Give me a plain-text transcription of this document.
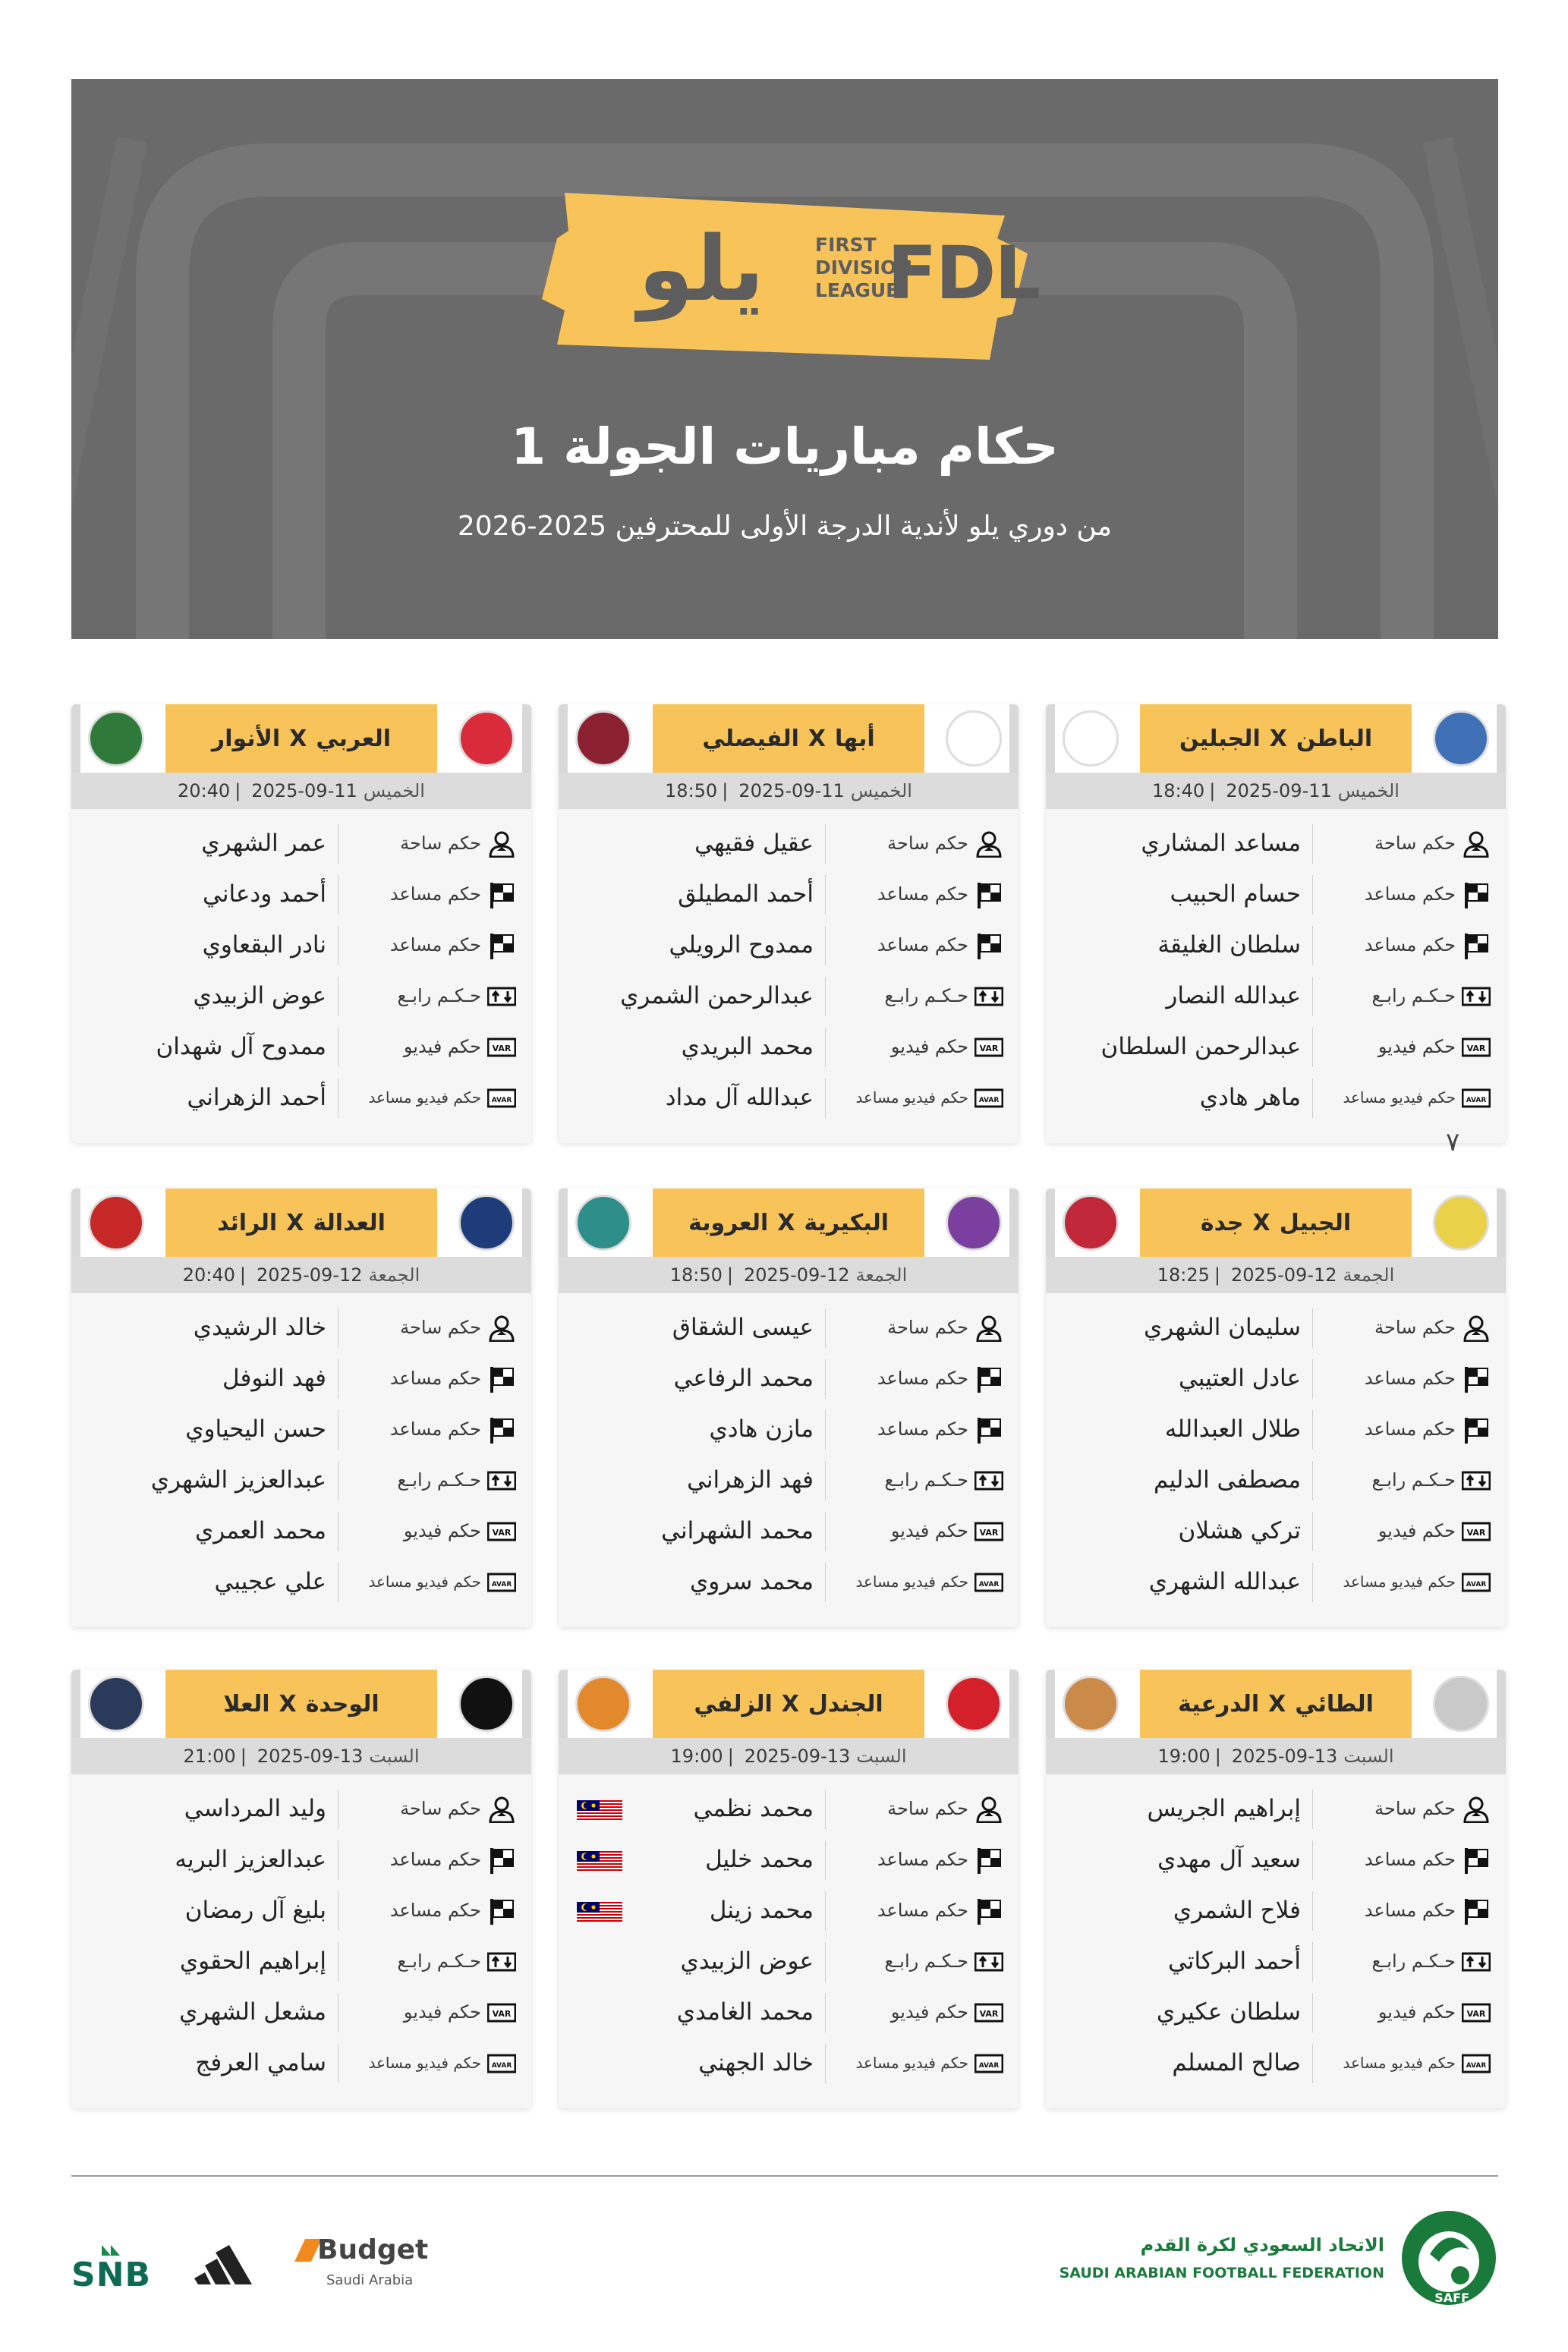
يلو	FIRST
DIVISION
LEAGUE
FDL
حكام مباريات الجولة 1
من دوري يلو لأندية الدرجة الأولى للمحترفين 2025-2026
الباطن
X
الجبلين
الخميس
2025-09-11
|
18:40
حكم ساحة
مساعد المشاري
حكم مساعد
حسام الحبيب
حكم مساعد
سلطان الغليقة
حـكـم رابـع
عبدالله النصار
VAR
حكم فيديو
عبدالرحمن السلطان
AVAR
حكم فيديو مساعد
ماهر هادي
أبها
X
الفيصلي
الخميس
2025-09-11
|
18:50
حكم ساحة
عقيل فقيهي
حكم مساعد
أحمد المطيلق
حكم مساعد
ممدوح الرويلي
حـكـم رابـع
عبدالرحمن الشمري
VAR
حكم فيديو
محمد البريدي
AVAR
حكم فيديو مساعد
عبدالله آل مداد
العربي
X
الأنوار
الخميس
2025-09-11
|
20:40
حكم ساحة
عمر الشهري
حكم مساعد
أحمد ودعاني
حكم مساعد
نادر البقعاوي
حـكـم رابـع
عوض الزبيدي
VAR
حكم فيديو
ممدوح آل شهدان
AVAR
حكم فيديو مساعد
أحمد الزهراني
الجبيل
X
جدة
الجمعة
2025-09-12
|
18:25
حكم ساحة
سليمان الشهري
حكم مساعد
عادل العتيبي
حكم مساعد
طلال العبدالله
حـكـم رابـع
مصطفى الدليم
VAR
حكم فيديو
تركي هشلان
AVAR
حكم فيديو مساعد
عبدالله الشهري
البكيرية
X
العروبة
الجمعة
2025-09-12
|
18:50
حكم ساحة
عيسى الشقاق
حكم مساعد
محمد الرفاعي
حكم مساعد
مازن هادي
حـكـم رابـع
فهد الزهراني
VAR
حكم فيديو
محمد الشهراني
AVAR
حكم فيديو مساعد
محمد سروي
العدالة
X
الرائد
الجمعة
2025-09-12
|
20:40
حكم ساحة
خالد الرشيدي
حكم مساعد
فهد النوفل
حكم مساعد
حسن اليحياوي
حـكـم رابـع
عبدالعزيز الشهري
VAR
حكم فيديو
محمد العمري
AVAR
حكم فيديو مساعد
علي عجيبي
الطائي
X
الدرعية
السبت
2025-09-13
|
19:00
حكم ساحة
إبراهيم الجريس
حكم مساعد
سعيد آل مهدي
حكم مساعد
فلاح الشمري
حـكـم رابـع
أحمد البركاتي
VAR
حكم فيديو
سلطان عكيري
AVAR
حكم فيديو مساعد
صالح المسلم
الجندل
X
الزلفي
السبت
2025-09-13
|
19:00
حكم ساحة
محمد نظمي
حكم مساعد
محمد خليل
حكم مساعد
محمد زينل
حـكـم رابـع
عوض الزبيدي
VAR
حكم فيديو
محمد الغامدي
AVAR
حكم فيديو مساعد
خالد الجهني
الوحدة
X
العلا
السبت
2025-09-13
|
21:00
حكم ساحة
وليد المرداسي
حكم مساعد
عبدالعزيز البريه
حكم مساعد
بليغ آل رمضان
حـكـم رابـع
إبراهيم الحقوي
VAR
حكم فيديو
مشعل الشهري
AVAR
حكم فيديو مساعد
سامي العرفج
٧
SNB
Budget
Saudi Arabia
SAFF
الاتحاد السعودي لكرة القدم
SAUDI ARABIAN FOOTBALL FEDERATION
